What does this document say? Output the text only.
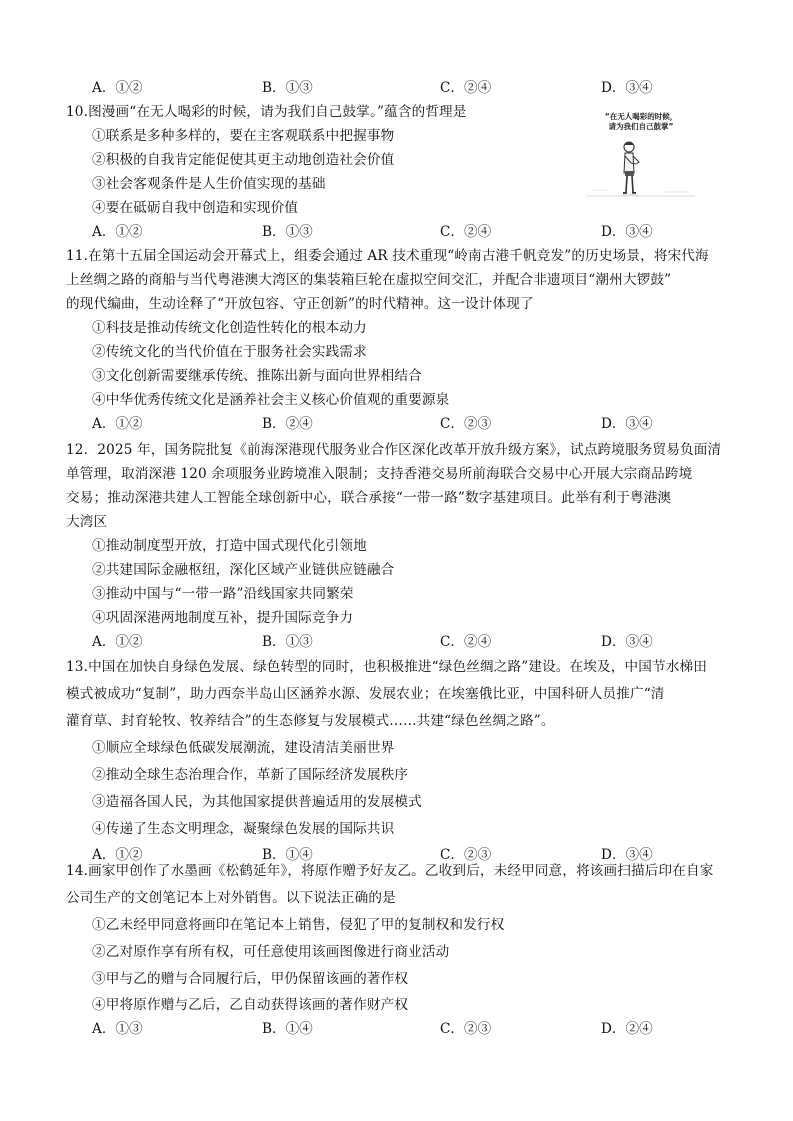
A．①②	B．①③	C．②④	D．③④
10.图漫画“在无人喝彩的时候，请为我们自己鼓掌。”蕴含的哲理是
①联系是多种多样的，要在主客观联系中把握事物
②积极的自我肯定能促使其更主动地创造社会价值
③社会客观条件是人生价值实现的基础
④要在砥砺自我中创造和实现价值
A．①②	B．①③	C．②④	D．③④
“在无人喝彩的时候，
请为我们自己鼓掌”
11.在第十五届全国运动会开幕式上，组委会通过 AR 技术重现“岭南古港千帆竞发”的历史场景，将宋代海
上丝绸之路的商船与当代粤港澳大湾区的集装箱巨轮在虚拟空间交汇，并配合非遗项目“潮州大锣鼓”
的现代编曲，生动诠释了“开放包容、守正创新”的时代精神。这一设计体现了
①科技是推动传统文化创造性转化的根本动力
②传统文化的当代价值在于服务社会实践需求
③文化创新需要继承传统、推陈出新与面向世界相结合
④中华优秀传统文化是涵养社会主义核心价值观的重要源泉
A．①②	B．②④	C．②③	D．③④
12．2025 年，国务院批复《前海深港现代服务业合作区深化改革开放升级方案》，试点跨境服务贸易负面清
单管理，取消深港 120 余项服务业跨境准入限制；支持香港交易所前海联合交易中心开展大宗商品跨境
交易；推动深港共建人工智能全球创新中心，联合承接“一带一路”数字基建项目。此举有利于粤港澳
大湾区
①推动制度型开放，打造中国式现代化引领地
②共建国际金融枢纽，深化区域产业链供应链融合
③推动中国与“一带一路”沿线国家共同繁荣
④巩固深港两地制度互补，提升国际竞争力
A．①②	B．①③	C．②④	D．③④
13.中国在加快自身绿色发展、绿色转型的同时，也积极推进“绿色丝绸之路”建设。在埃及，中国节水梯田
模式被成功“复制”，助力西奈半岛山区涵养水源、发展农业；在埃塞俄比亚，中国科研人员推广“清
灌育草、封育轮牧、牧养结合”的生态修复与发展模式……共建“绿色丝绸之路”。
①顺应全球绿色低碳发展潮流，建设清洁美丽世界
②推动全球生态治理合作，革新了国际经济发展秩序
③造福各国人民，为其他国家提供普遍适用的发展模式
④传递了生态文明理念，凝聚绿色发展的国际共识
A．①②	B．①④	C．②③	D．③④
14.画家甲创作了水墨画《松鹤延年》，将原作赠予好友乙。乙收到后，未经甲同意，将该画扫描后印在自家
公司生产的文创笔记本上对外销售。以下说法正确的是
①乙未经甲同意将画印在笔记本上销售，侵犯了甲的复制权和发行权
②乙对原作享有所有权，可任意使用该画图像进行商业活动
③甲与乙的赠与合同履行后，甲仍保留该画的著作权
④甲将原作赠与乙后，乙自动获得该画的著作财产权
A．①③	B．①④	C．②③	D．②④
